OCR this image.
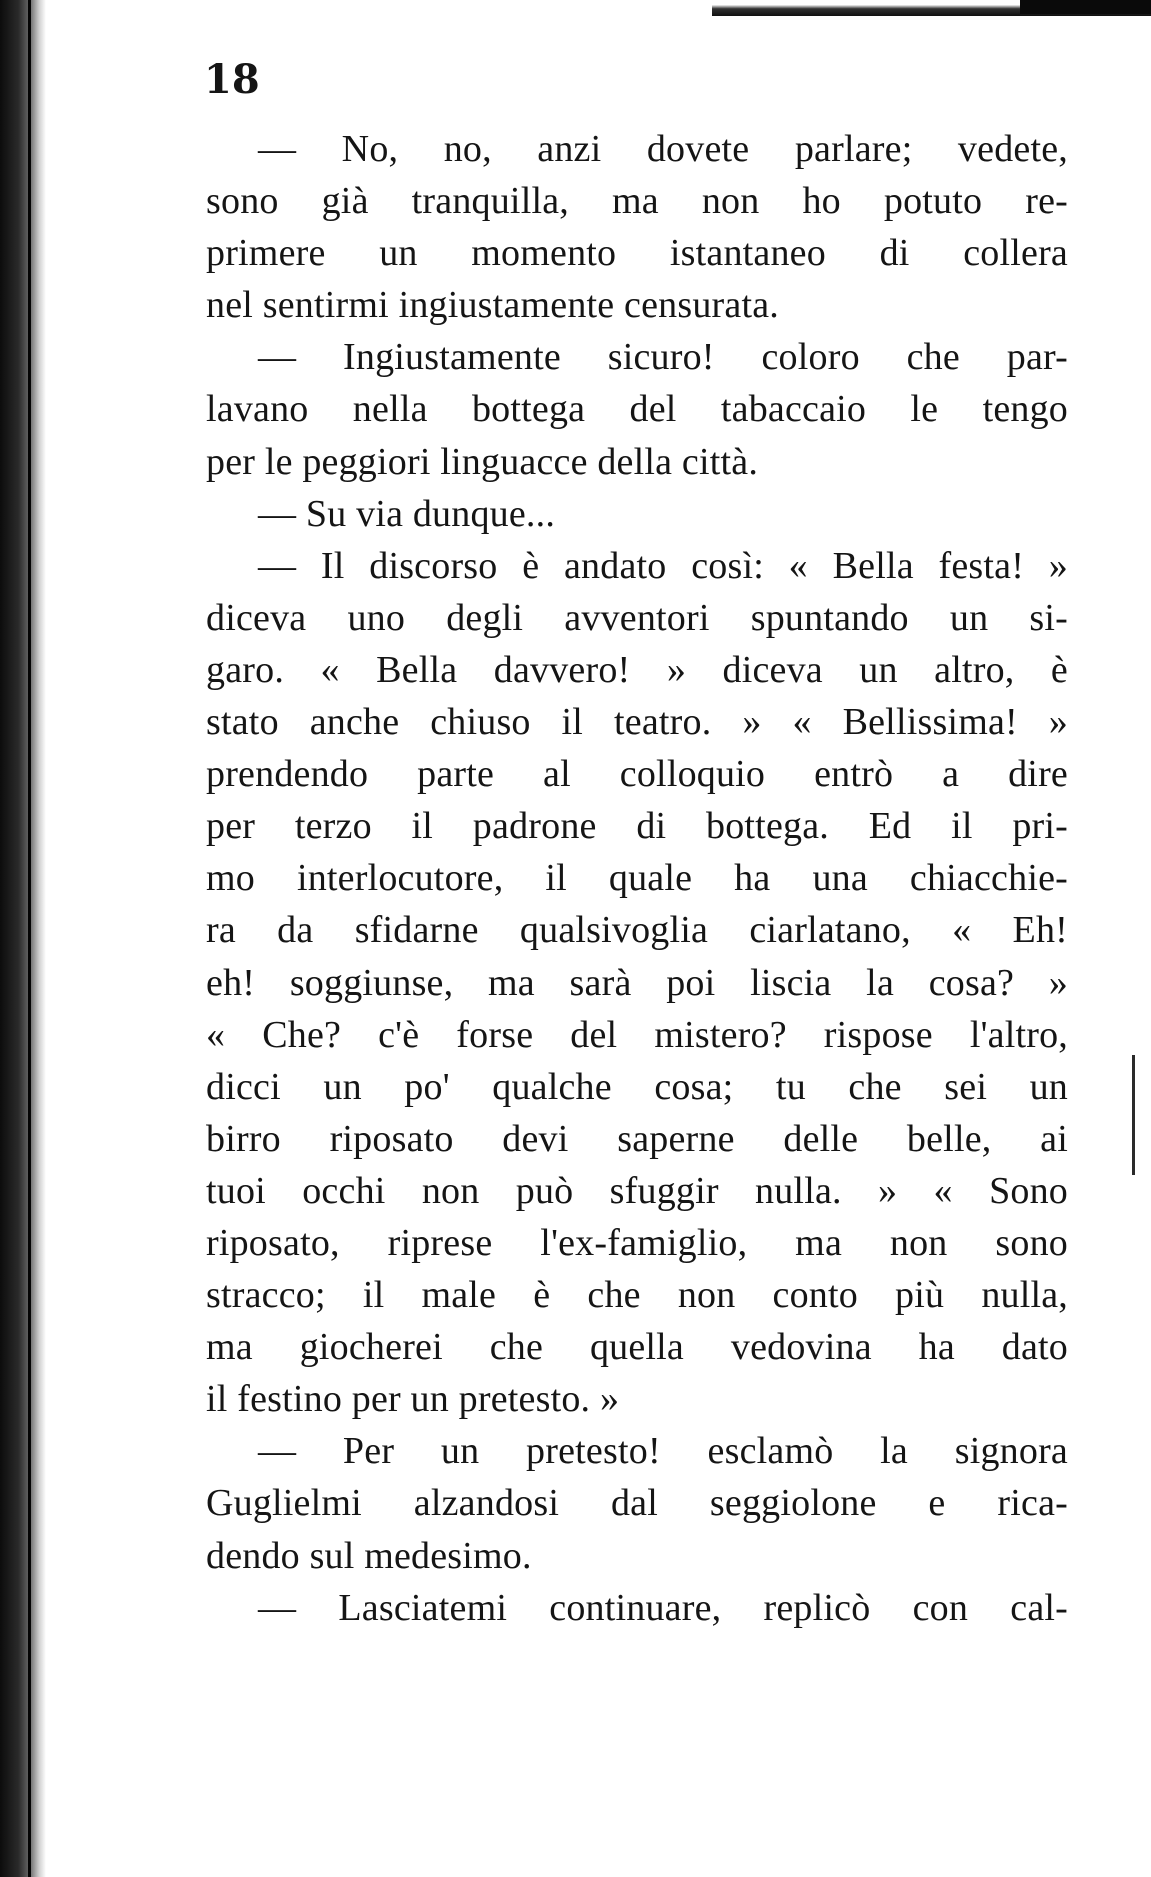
18
— No, no, anzi dovete parlare; vedete,
sono già tranquilla, ma non ho potuto re-
primere un momento istantaneo di collera
nel sentirmi ingiustamente censurata.
— Ingiustamente sicuro! coloro che par-
lavano nella bottega del tabaccaio le tengo
per le peggiori linguacce della città.
— Su via dunque...
— Il discorso è andato così: « Bella festa! »
diceva uno degli avventori spuntando un si-
garo. « Bella davvero! » diceva un altro, è
stato anche chiuso il teatro. » « Bellissima! »
prendendo parte al colloquio entrò a dire
per terzo il padrone di bottega. Ed il pri-
mo interlocutore, il quale ha una chiacchie-
ra da sfidarne qualsivoglia ciarlatano, « Eh!
eh! soggiunse, ma sarà poi liscia la cosa? »
« Che? c'è forse del mistero? rispose l'altro,
dicci un po' qualche cosa; tu che sei un
birro riposato devi saperne delle belle, ai
tuoi occhi non può sfuggir nulla. » « Sono
riposato, riprese l'ex-famiglio, ma non sono
stracco; il male è che non conto più nulla,
ma giocherei che quella vedovina ha dato
il festino per un pretesto. »
— Per un pretesto! esclamò la signora
Guglielmi alzandosi dal seggiolone e rica-
dendo sul medesimo.
— Lasciatemi continuare, replicò con cal-
